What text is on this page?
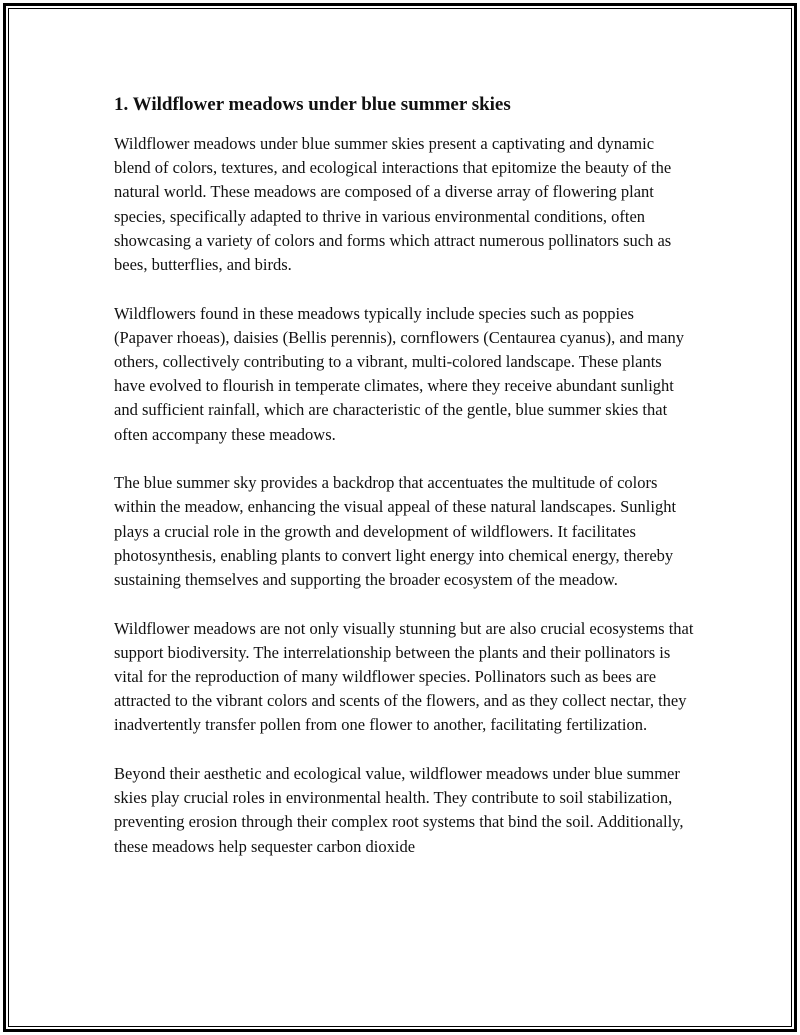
1. Wildflower meadows under blue summer skies

Wildflower meadows under blue summer skies present a captivating and dynamic blend of colors, textures, and ecological interactions that epitomize the beauty of the natural world. These meadows are composed of a diverse array of flowering plant species, specifically adapted to thrive in various environmental conditions, often showcasing a variety of colors and forms which attract numerous pollinators such as bees, butterflies, and birds.

Wildflowers found in these meadows typically include species such as poppies (Papaver rhoeas), daisies (Bellis perennis), cornflowers (Centaurea cyanus), and many others, collectively contributing to a vibrant, multi-colored landscape. These plants have evolved to flourish in temperate climates, where they receive abundant sunlight and sufficient rainfall, which are characteristic of the gentle, blue summer skies that often accompany these meadows.

The blue summer sky provides a backdrop that accentuates the multitude of colors within the meadow, enhancing the visual appeal of these natural landscapes. Sunlight plays a crucial role in the growth and development of wildflowers. It facilitates photosynthesis, enabling plants to convert light energy into chemical energy, thereby sustaining themselves and supporting the broader ecosystem of the meadow.

Wildflower meadows are not only visually stunning but are also crucial ecosystems that support biodiversity. The interrelationship between the plants and their pollinators is vital for the reproduction of many wildflower species. Pollinators such as bees are attracted to the vibrant colors and scents of the flowers, and as they collect nectar, they inadvertently transfer pollen from one flower to another, facilitating fertilization.

Beyond their aesthetic and ecological value, wildflower meadows under blue summer skies play crucial roles in environmental health. They contribute to soil stabilization, preventing erosion through their complex root systems that bind the soil. Additionally, these meadows help sequester carbon dioxide
